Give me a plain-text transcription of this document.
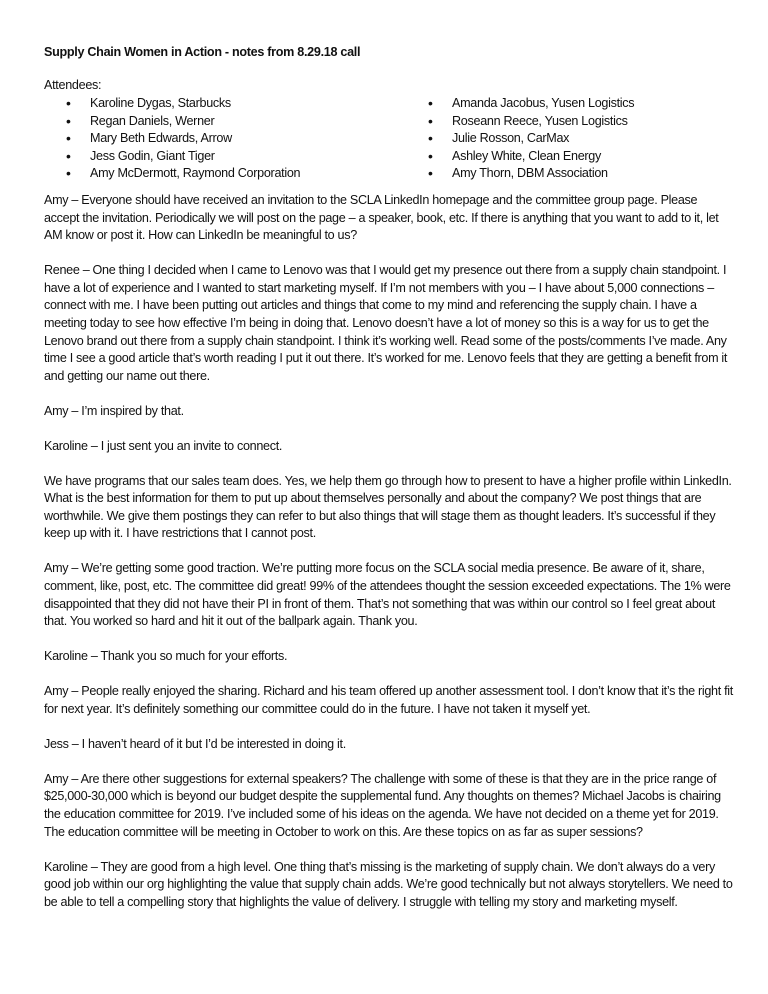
Supply Chain Women in Action - notes from 8.29.18 call
Attendees:
• Karoline Dygas, Starbucks
• Regan Daniels, Werner
• Mary Beth Edwards, Arrow
• Jess Godin, Giant Tiger
• Amy McDermott, Raymond Corporation
• Amanda Jacobus, Yusen Logistics
• Roseann Reece, Yusen Logistics
• Julie Rosson, CarMax
• Ashley White, Clean Energy
• Amy Thorn, DBM Association

Amy – Everyone should have received an invitation to the SCLA LinkedIn homepage and the committee group page. Please accept the invitation. Periodically we will post on the page – a speaker, book, etc. If there is anything that you want to add to it, let AM know or post it. How can LinkedIn be meaningful to us?

Renee – One thing I decided when I came to Lenovo was that I would get my presence out there from a supply chain standpoint. I have a lot of experience and I wanted to start marketing myself. If I’m not members with you – I have about 5,000 connections – connect with me. I have been putting out articles and things that come to my mind and referencing the supply chain. I have a meeting today to see how effective I’m being in doing that. Lenovo doesn’t have a lot of money so this is a way for us to get the Lenovo brand out there from a supply chain standpoint. I think it’s working well. Read some of the posts/comments I’ve made. Any time I see a good article that’s worth reading I put it out there. It’s worked for me. Lenovo feels that they are getting a benefit from it and getting our name out there.

Amy – I’m inspired by that.

Karoline – I just sent you an invite to connect.

We have programs that our sales team does. Yes, we help them go through how to present to have a higher profile within LinkedIn. What is the best information for them to put up about themselves personally and about the company? We post things that are worthwhile. We give them postings they can refer to but also things that will stage them as thought leaders. It’s successful if they keep up with it. I have restrictions that I cannot post.

Amy – We’re getting some good traction. We’re putting more focus on the SCLA social media presence. Be aware of it, share, comment, like, post, etc. The committee did great! 99% of the attendees thought the session exceeded expectations. The 1% were disappointed that they did not have their PI in front of them. That’s not something that was within our control so I feel great about that. You worked so hard and hit it out of the ballpark again. Thank you.

Karoline – Thank you so much for your efforts.

Amy – People really enjoyed the sharing. Richard and his team offered up another assessment tool. I don’t know that it’s the right fit for next year. It’s definitely something our committee could do in the future. I have not taken it myself yet.

Jess – I haven’t heard of it but I’d be interested in doing it.

Amy – Are there other suggestions for external speakers? The challenge with some of these is that they are in the price range of $25,000-30,000 which is beyond our budget despite the supplemental fund. Any thoughts on themes? Michael Jacobs is chairing the education committee for 2019. I’ve included some of his ideas on the agenda. We have not decided on a theme yet for 2019. The education committee will be meeting in October to work on this. Are these topics on as far as super sessions?

Karoline – They are good from a high level. One thing that’s missing is the marketing of supply chain. We don’t always do a very good job within our org highlighting the value that supply chain adds. We’re good technically but not always storytellers. We need to be able to tell a compelling story that highlights the value of delivery. I struggle with telling my story and marketing myself.
